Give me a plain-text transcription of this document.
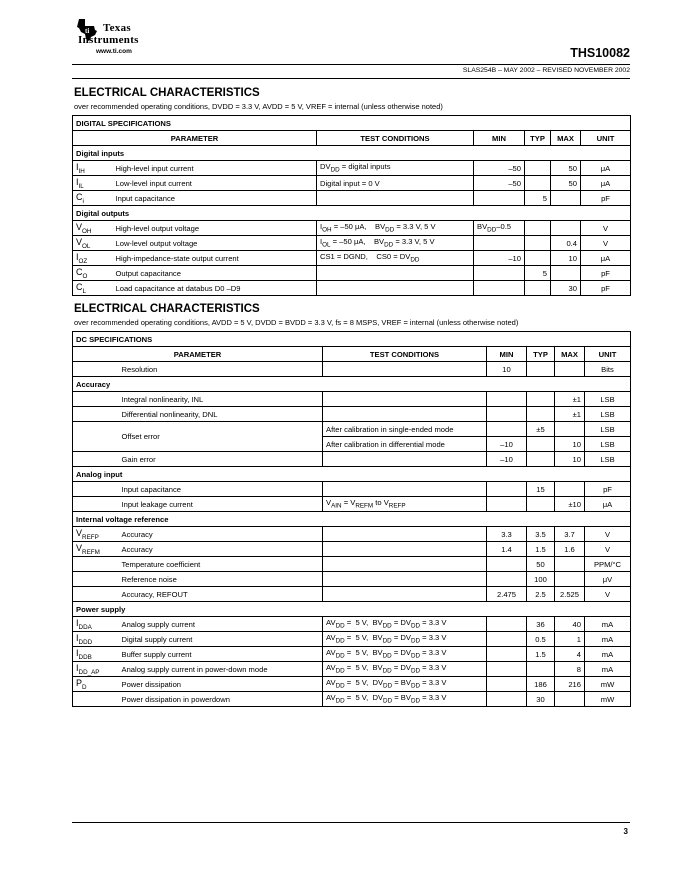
ti Texas
Instruments
www.ti.com	THS10082
SLAS254B – MAY 2002 – REVISED NOVEMBER 2002
ELECTRICAL CHARACTERISTICS
over recommended operating conditions, DVDD = 3.3 V, AVDD = 5 V, VREF = internal (unless otherwise noted)
DIGITAL SPECIFICATIONS						
PARAMETER		TEST CONDITIONS	MIN	TYP	MAX	UNIT
Digital inputs						
$I_{IH}$	High-level input current	$DV_{DD}$ = digital inputs	–50		50	μA
$I_{IL}$	Low-level input current	Digital input = 0 V	–50		50	μA
$C_i$	Input capacitance			5		pF
Digital outputs						
$V_{OH}$	High-level output voltage	$I_{OH} = -50$ μA,    $BV_{DD} = 3.3$ V, 5 V	$BV_{DD}-0.5$			V
$V_{OL}$	Low-level output voltage	$I_{OL} = -50$ μA,    $BV_{DD} = 3.3$ V, 5 V			0.4	V
$I_{OZ}$	High-impedance-state output current	CS1 = DGND,    $CS0 = DV_{DD}$	–10		10	μA
$C_O$	Output capacitance			5		pF
$C_L$	Load capacitance at databus D0 –D9				30	pF
ELECTRICAL CHARACTERISTICS
over recommended operating conditions, AVDD = 5 V, DVDD = BVDD = 3.3 V, fs = 8 MSPS, VREF = internal (unless otherwise noted)
DC SPECIFICATIONS						
PARAMETER		TEST CONDITIONS	MIN	TYP	MAX	UNIT
	Resolution		10			Bits
Accuracy						
	Integral nonlinearity, INL				±1	LSB
	Differential nonlinearity, DNL				±1	LSB
	Offset error	After calibration in single-ended mode		±5		LSB
		After calibration in differential mode	–10		10	LSB
	Gain error		–10		10	LSB
Analog input						
	Input capacitance			15		pF
	Input leakage current	$V_{AIN} = V_{REFM}$ to $V_{REFP}$			±10	μA
Internal voltage reference						
$V_{REFP}$	Accuracy		3.3	3.5	3.7	V
$V_{REFM}$	Accuracy		1.4	1.5	1.6	V
	Temperature coefficient			50		PPM/°C
	Reference noise			100		μV
	Accuracy, REFOUT		2.475	2.5	2.525	V
Power supply						
$I_{DDA}$	Analog supply current	$AV_{DD} = 5$ V,  $BV_{DD} = DV_{DD} = 3.3$ V		36	40	mA
$I_{DDD}$	Digital supply current	$AV_{DD} = 5$ V,  $BV_{DD} = DV_{DD} = 3.3$ V		0.5	1	mA
$I_{DDB}$	Buffer supply current	$AV_{DD} = 5$ V,  $BV_{DD} = DV_{DD} = 3.3$ V		1.5	4	mA
$I_{DD\_AP}$	Analog supply current in power-down mode	$AV_{DD} = 5$ V,  $BV_{DD} = DV_{DD} = 3.3$ V			8	mA
$P_D$	Power dissipation	$AV_{DD} = 5$ V,  $DV_{DD} = BV_{DD} = 3.3$ V		186	216	mW
	Power dissipation in powerdown	$AV_{DD} = 5$ V,  $DV_{DD} = BV_{DD} = 3.3$ V		30		mW
3
